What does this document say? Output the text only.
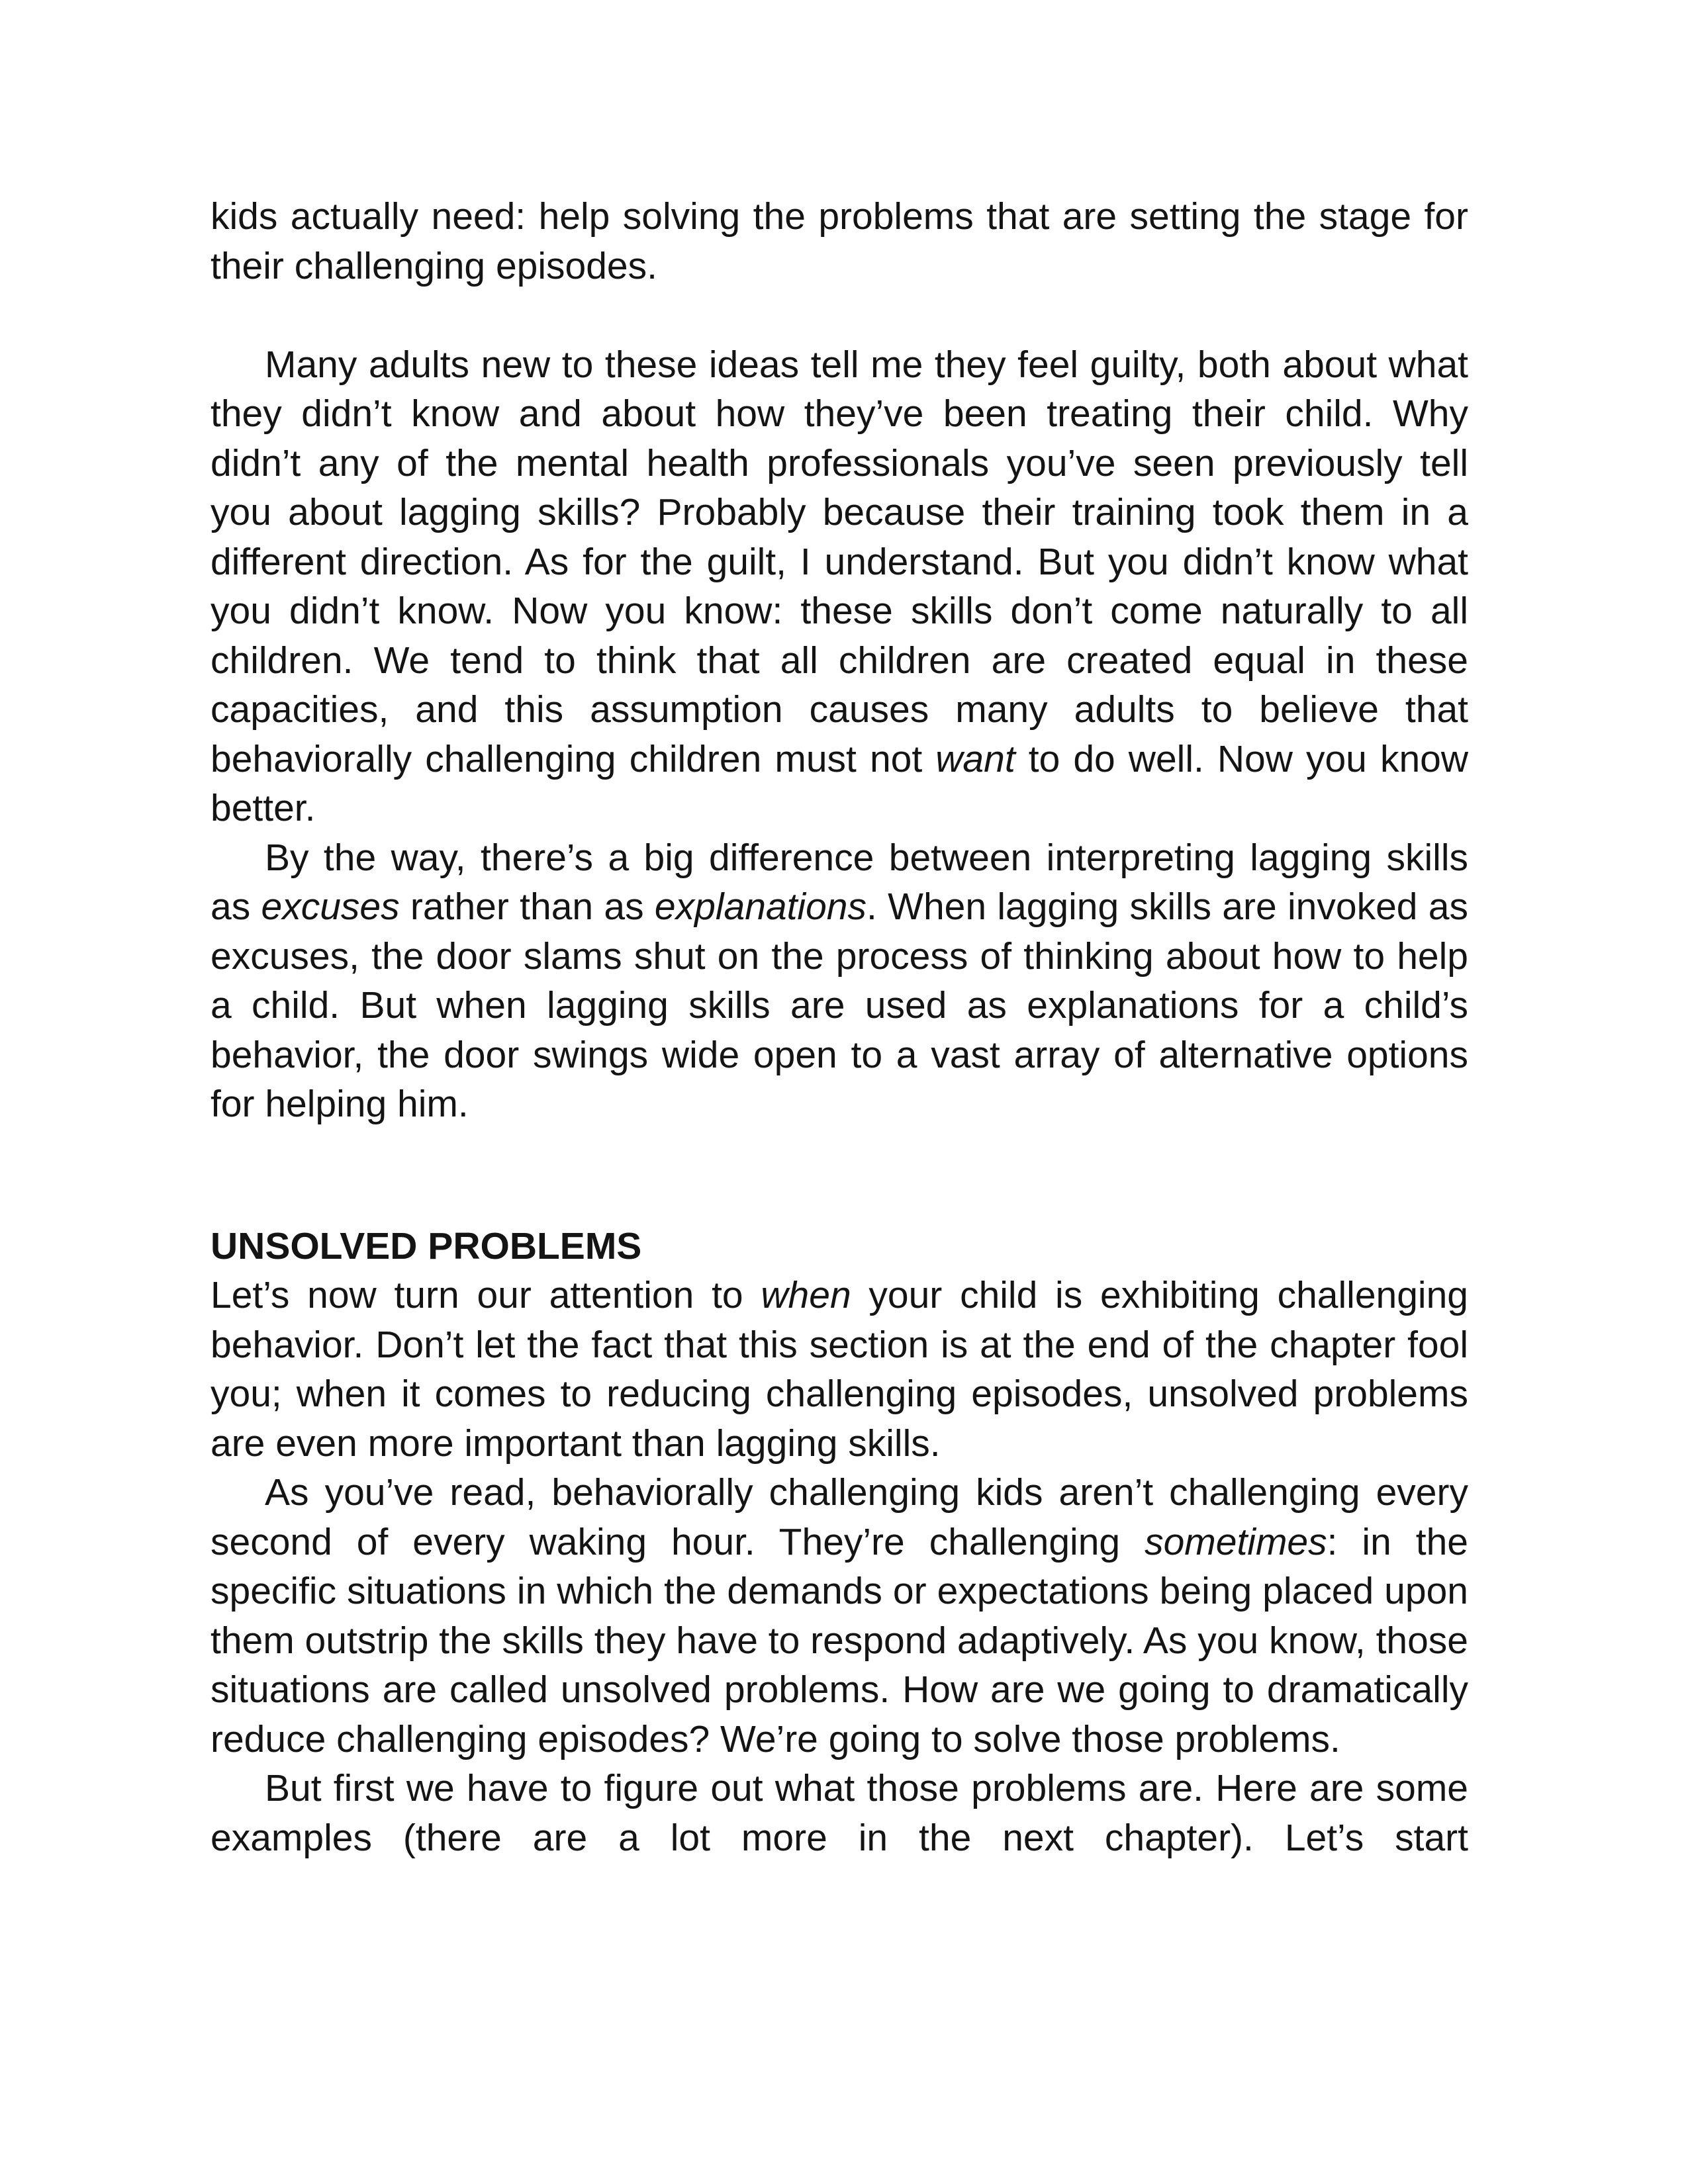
kids actually need: help solving the problems that are setting the stage for their challenging episodes.

Many adults new to these ideas tell me they feel guilty, both about what they didn’t know and about how they’ve been treating their child. Why didn’t any of the mental health professionals you’ve seen previously tell you about lagging skills? Probably because their training took them in a different direction. As for the guilt, I understand. But you didn’t know what you didn’t know. Now you know: these skills don’t come naturally to all children. We tend to think that all children are created equal in these capacities, and this assumption causes many adults to believe that behaviorally challenging children must not want to do well. Now you know better.

By the way, there’s a big difference between interpreting lagging skills as excuses rather than as explanations. When lagging skills are invoked as excuses, the door slams shut on the process of thinking about how to help a child. But when lagging skills are used as explanations for a child’s behavior, the door swings wide open to a vast array of alternative options for helping him.

UNSOLVED PROBLEMS

Let’s now turn our attention to when your child is exhibiting challenging behavior. Don’t let the fact that this section is at the end of the chapter fool you; when it comes to reducing challenging episodes, unsolved problems are even more important than lagging skills.

As you’ve read, behaviorally challenging kids aren’t challenging every second of every waking hour. They’re challenging sometimes: in the specific situations in which the demands or expectations being placed upon them outstrip the skills they have to respond adaptively. As you know, those situations are called unsolved problems. How are we going to dramatically reduce challenging episodes? We’re going to solve those problems.

But first we have to figure out what those problems are. Here are some examples (there are a lot more in the next chapter). Let’s start
